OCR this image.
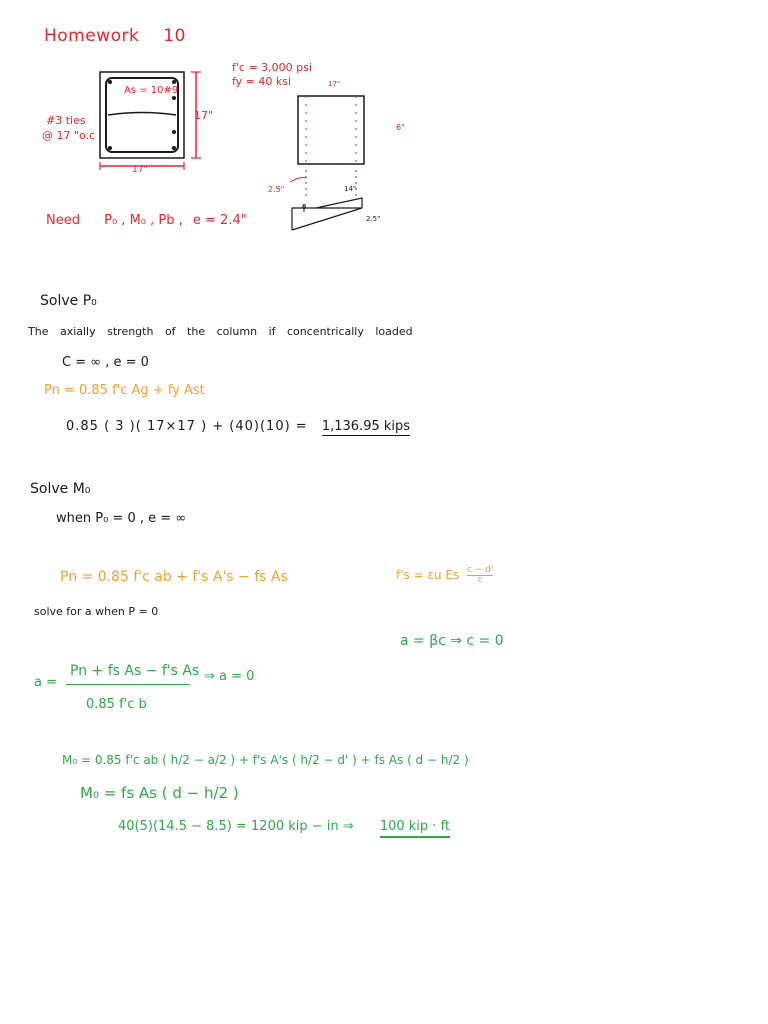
Homework 10
As = 10#9
17"
17"
#3 ties
@ 17 "o.c
f'c = 3,000 psi
fy = 40 ksi	17"
6"
2.5"	14"
0
2.5"
Need P₀ , M₀ , Pb , e = 2.4"
Solve P₀
The axially strength of the column if concentrically loaded
C = ∞ , e = 0
Pn = 0.85 f'c Ag + fy Ast
0.85 ( 3 )( 17×17 ) + (40)(10) = 1,136.95 kips
Solve M₀
when P₀ = 0 , e = ∞
Pn = 0.85 f'c ab + f's A's − fs As	f's = εu Es $\frac{c - d'}{c}$
solve for a when P = 0
a = βc ⇒ c = 0
a =
Pn + fs As − f's As
0.85 f'c b
⇒ a = 0
M₀ = 0.85 f'c ab ( h/2 − a/2 ) + f's A's ( h/2 − d' ) + fs As ( d − h/2 )
M₀ = fs As ( d − h/2 )
40(5)(14.5 − 8.5) = 1200 kip − in ⇒ 100 kip · ft
